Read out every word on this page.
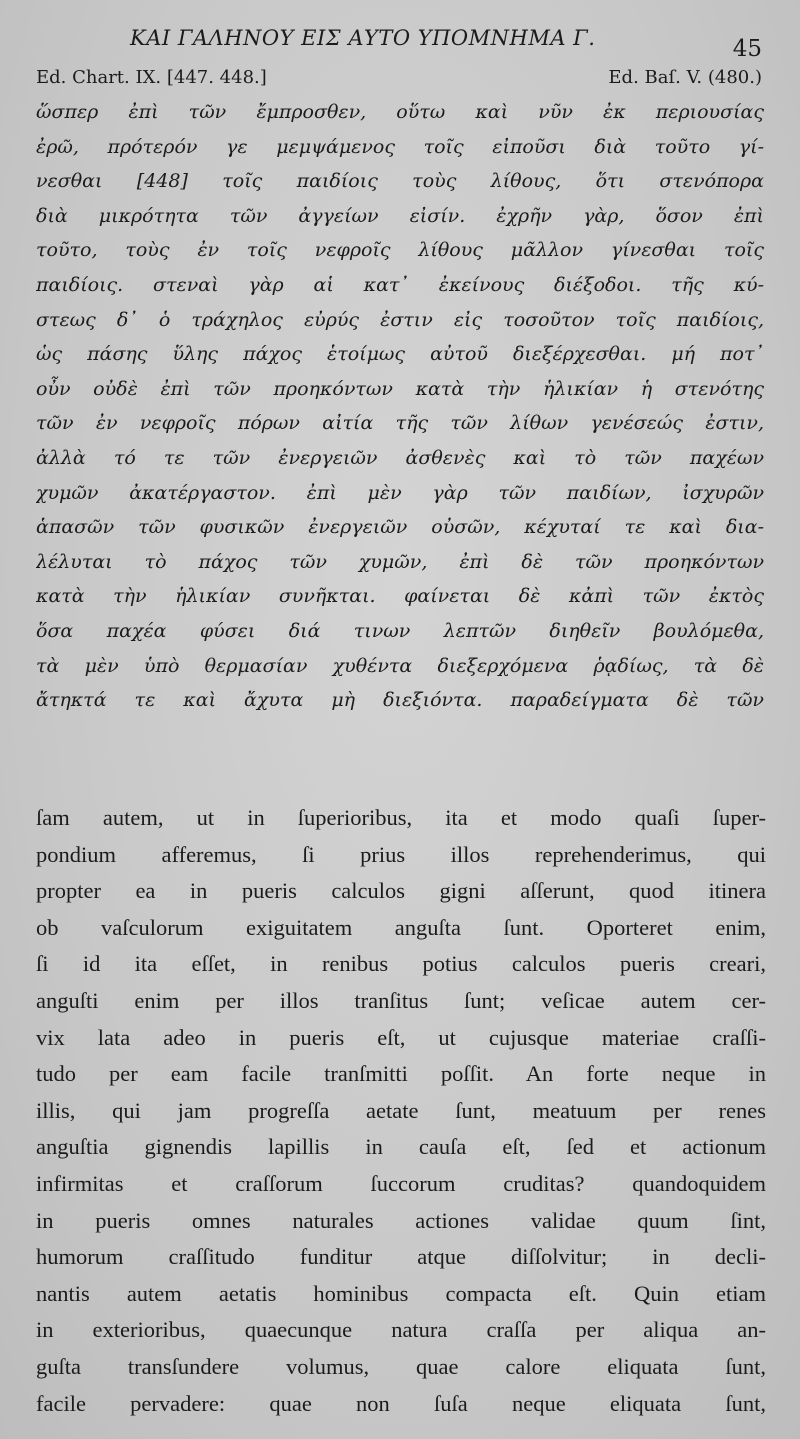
ΚΑΙ ΓΑΛΗΝΟΥ ΕΙΣ ΑΥΤΟ ΥΠΟΜΝΗΜΑ Γ.	45
Ed. Chart. IX. [447. 448.]	Ed. Baſ. V. (480.)
ὥσπερ ἐπὶ τῶν ἔμπροσθεν, οὕτω καὶ νῦν ἐκ περιουσίας
ἐρῶ, πρότερόν γε μεμψάμενος τοῖς εἰποῦσι διὰ τοῦτο γί-
νεσθαι [448] τοῖς παιδίοις τοὺς λίθους, ὅτι στενόπορα
διὰ μικρότητα τῶν ἀγγείων εἰσίν. ἐχρῆν γὰρ, ὅσον ἐπὶ
τοῦτο, τοὺς ἐν τοῖς νεφροῖς λίθους μᾶλλον γίνεσθαι τοῖς
παιδίοις. στεναὶ γὰρ αἱ κατ᾽ ἐκείνους διέξοδοι. τῆς κύ-
στεως δ᾽ ὁ τράχηλος εὐρύς ἐστιν εἰς τοσοῦτον τοῖς παιδίοις,
ὡς πάσης ὕλης πάχος ἑτοίμως αὐτοῦ διεξέρχεσθαι. μή ποτ᾽
οὖν οὐδὲ ἐπὶ τῶν προηκόντων κατὰ τὴν ἡλικίαν ἡ στενότης
τῶν ἐν νεφροῖς πόρων αἰτία τῆς τῶν λίθων γενέσεώς ἐστιν,
ἀλλὰ τό τε τῶν ἐνεργειῶν ἀσθενὲς καὶ τὸ τῶν παχέων
χυμῶν ἀκατέργαστον. ἐπὶ μὲν γὰρ τῶν παιδίων, ἰσχυρῶν
ἁπασῶν τῶν φυσικῶν ἐνεργειῶν οὐσῶν, κέχυταί τε καὶ δια-
λέλυται τὸ πάχος τῶν χυμῶν, ἐπὶ δὲ τῶν προηκόντων
κατὰ τὴν ἡλικίαν συνῆκται. φαίνεται δὲ κἀπὶ τῶν ἐκτὸς
ὅσα παχέα φύσει διά τινων λεπτῶν διηθεῖν βουλόμεθα,
τὰ μὲν ὑπὸ θερμασίαν χυθέντα διεξερχόμενα ῥᾳδίως, τὰ δὲ
ἄτηκτά τε καὶ ἄχυτα μὴ διεξιόντα. παραδείγματα δὲ τῶν
ſam autem, ut in ſuperioribus, ita et modo quaſi ſuper-
pondium afferemus, ſi prius illos reprehenderimus, qui
propter ea in pueris calculos gigni aſſerunt, quod itinera
ob vaſculorum exiguitatem anguſta ſunt. Oporteret enim,
ſi id ita eſſet, in renibus potius calculos pueris creari,
anguſti enim per illos tranſitus ſunt; veſicae autem cer-
vix lata adeo in pueris eſt, ut cujusque materiae craſſi-
tudo per eam facile tranſmitti poſſit. An forte neque in
illis, qui jam progreſſa aetate ſunt, meatuum per renes
anguſtia gignendis lapillis in cauſa eſt, ſed et actionum
infirmitas et craſſorum ſuccorum cruditas? quandoquidem
in pueris omnes naturales actiones validae quum ſint,
humorum craſſitudo funditur atque diſſolvitur; in decli-
nantis autem aetatis hominibus compacta eſt. Quin etiam
in exterioribus, quaecunque natura craſſa per aliqua an-
guſta transſundere volumus, quae calore eliquata ſunt,
facile pervadere: quae non ſuſa neque eliquata ſunt,
